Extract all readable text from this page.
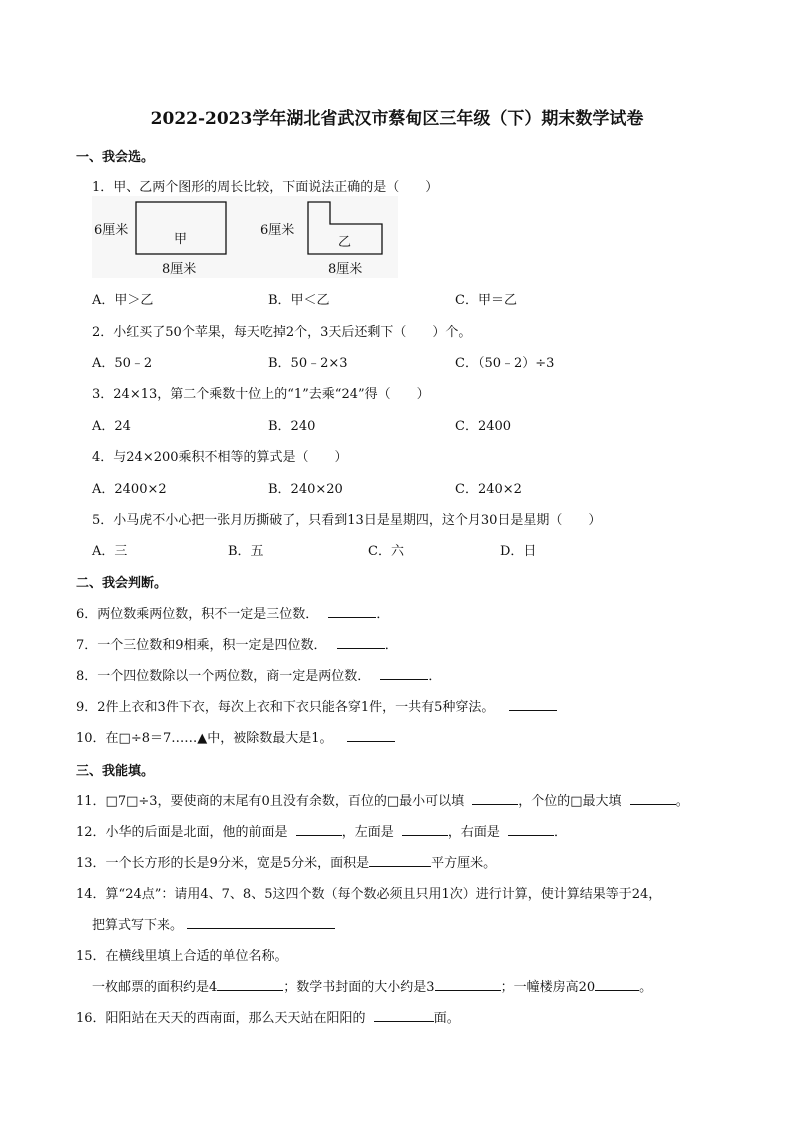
2022-2023学年湖北省武汉市蔡甸区三年级（下）期末数学试卷
一、我会选。
1．甲、乙两个图形的周长比较，下面说法正确的是（　　）
6厘米
甲
8厘米
6厘米
乙
8厘米
A．甲＞乙	B．甲＜乙	C．甲＝乙
2．小红买了50个苹果，每天吃掉2个，3天后还剩下（　　）个。
A．50﹣2	B．50﹣2×3	C．（50﹣2）÷3
3．24×13，第二个乘数十位上的“1”去乘“24”得（　　）
A．24	B．240	C．2400
4．与24×200乘积不相等的算式是（　　）
A．2400×2	B．240×20	C．240×2
5．小马虎不小心把一张月历撕破了，只看到13日是星期四，这个月30日是星期（　　）
A．三	B．五	C．六	D．日
二、我会判断。
6．两位数乘两位数，积不一定是三位数．	．
7．一个三位数和9相乘，积一定是四位数．	．
8．一个四位数除以一个两位数，商一定是两位数．	．
9．2件上衣和3件下衣，每次上衣和下衣只能各穿1件，一共有5种穿法。
10．在□÷8＝7……▲中，被除数最大是1。
三、我能填。
11．□7□÷3，要使商的末尾有0且没有余数，百位的□最小可以填	，个位的□最大填	。
12．小华的后面是北面，他的前面是	，左面是	，右面是	．
13．一个长方形的长是9分米，宽是5分米，面积是	平方厘米。
14．算“24点”：请用4、7、8、5这四个数（每个数必须且只用1次）进行计算，使计算结果等于24，
把算式写下来。
15．在横线里填上合适的单位名称。
一枚邮票的面积约是4	；数学书封面的大小约是3	；一幢楼房高20	。
16．阳阳站在天天的西南面，那么天天站在阳阳的	面。
